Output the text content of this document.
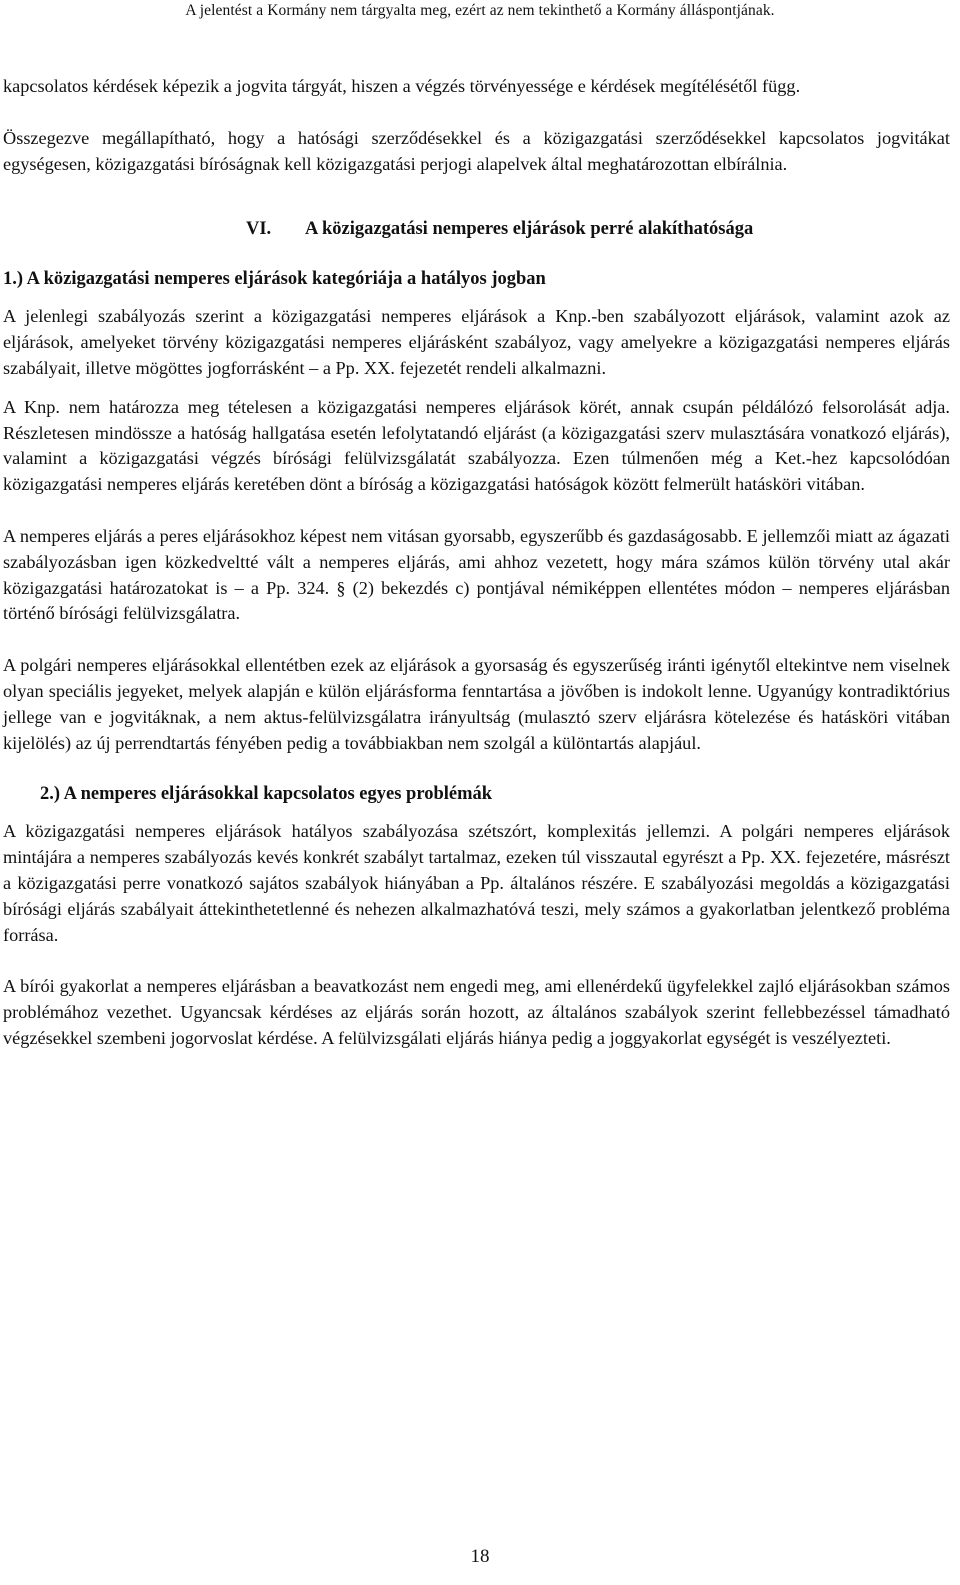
A jelentést a Kormány nem tárgyalta meg, ezért az nem tekinthető a Kormány álláspontjának.

kapcsolatos kérdések képezik a jogvita tárgyát, hiszen a végzés törvényessége e kérdések megítélésétől függ.

Összegezve megállapítható, hogy a hatósági szerződésekkel és a közigazgatási szerződésekkel kapcsolatos jogvitákat egységesen, közigazgatási bíróságnak kell közigazgatási perjogi alapelvek által meghatározottan elbírálnia.

VI. A közigazgatási nemperes eljárások perré alakíthatósága
1.) A közigazgatási nemperes eljárások kategóriája a hatályos jogban

A jelenlegi szabályozás szerint a közigazgatási nemperes eljárások a Knp.-ben szabályozott eljárások, valamint azok az eljárások, amelyeket törvény közigazgatási nemperes eljárásként szabályoz, vagy amelyekre a közigazgatási nemperes eljárás szabályait, illetve mögöttes jogforrásként – a Pp. XX. fejezetét rendeli alkalmazni.

A Knp. nem határozza meg tételesen a közigazgatási nemperes eljárások körét, annak csupán példálózó felsorolását adja. Részletesen mindössze a hatóság hallgatása esetén lefolytatandó eljárást (a közigazgatási szerv mulasztására vonatkozó eljárás), valamint a közigazgatási végzés bírósági felülvizsgálatát szabályozza. Ezen túlmenően még a Ket.-hez kapcsolódóan közigazgatási nemperes eljárás keretében dönt a bíróság a közigazgatási hatóságok között felmerült hatásköri vitában.

A nemperes eljárás a peres eljárásokhoz képest nem vitásan gyorsabb, egyszerűbb és gazdaságosabb. E jellemzői miatt az ágazati szabályozásban igen közkedveltté vált a nemperes eljárás, ami ahhoz vezetett, hogy mára számos külön törvény utal akár közigazgatási határozatokat is – a Pp. 324. § (2) bekezdés c) pontjával némiképpen ellentétes módon – nemperes eljárásban történő bírósági felülvizsgálatra.

A polgári nemperes eljárásokkal ellentétben ezek az eljárások a gyorsaság és egyszerűség iránti igénytől eltekintve nem viselnek olyan speciális jegyeket, melyek alapján e külön eljárásforma fenntartása a jövőben is indokolt lenne. Ugyanúgy kontradiktórius jellege van e jogvitáknak, a nem aktus-felülvizsgálatra irányultság (mulasztó szerv eljárásra kötelezése és hatásköri vitában kijelölés) az új perrendtartás fényében pedig a továbbiakban nem szolgál a különtartás alapjául.

2.) A nemperes eljárásokkal kapcsolatos egyes problémák

A közigazgatási nemperes eljárások hatályos szabályozása szétszórt, komplexitás jellemzi. A polgári nemperes eljárások mintájára a nemperes szabályozás kevés konkrét szabályt tartalmaz, ezeken túl visszautal egyrészt a Pp. XX. fejezetére, másrészt a közigazgatási perre vonatkozó sajátos szabályok hiányában a Pp. általános részére. E szabályozási megoldás a közigazgatási bírósági eljárás szabályait áttekinthetetlenné és nehezen alkalmazhatóvá teszi, mely számos a gyakorlatban jelentkező probléma forrása.

A bírói gyakorlat a nemperes eljárásban a beavatkozást nem engedi meg, ami ellenérdekű ügyfelekkel zajló eljárásokban számos problémához vezethet. Ugyancsak kérdéses az eljárás során hozott, az általános szabályok szerint fellebbezéssel támadható végzésekkel szembeni jogorvoslat kérdése. A felülvizsgálati eljárás hiánya pedig a joggyakorlat egységét is veszélyezteti.

18
